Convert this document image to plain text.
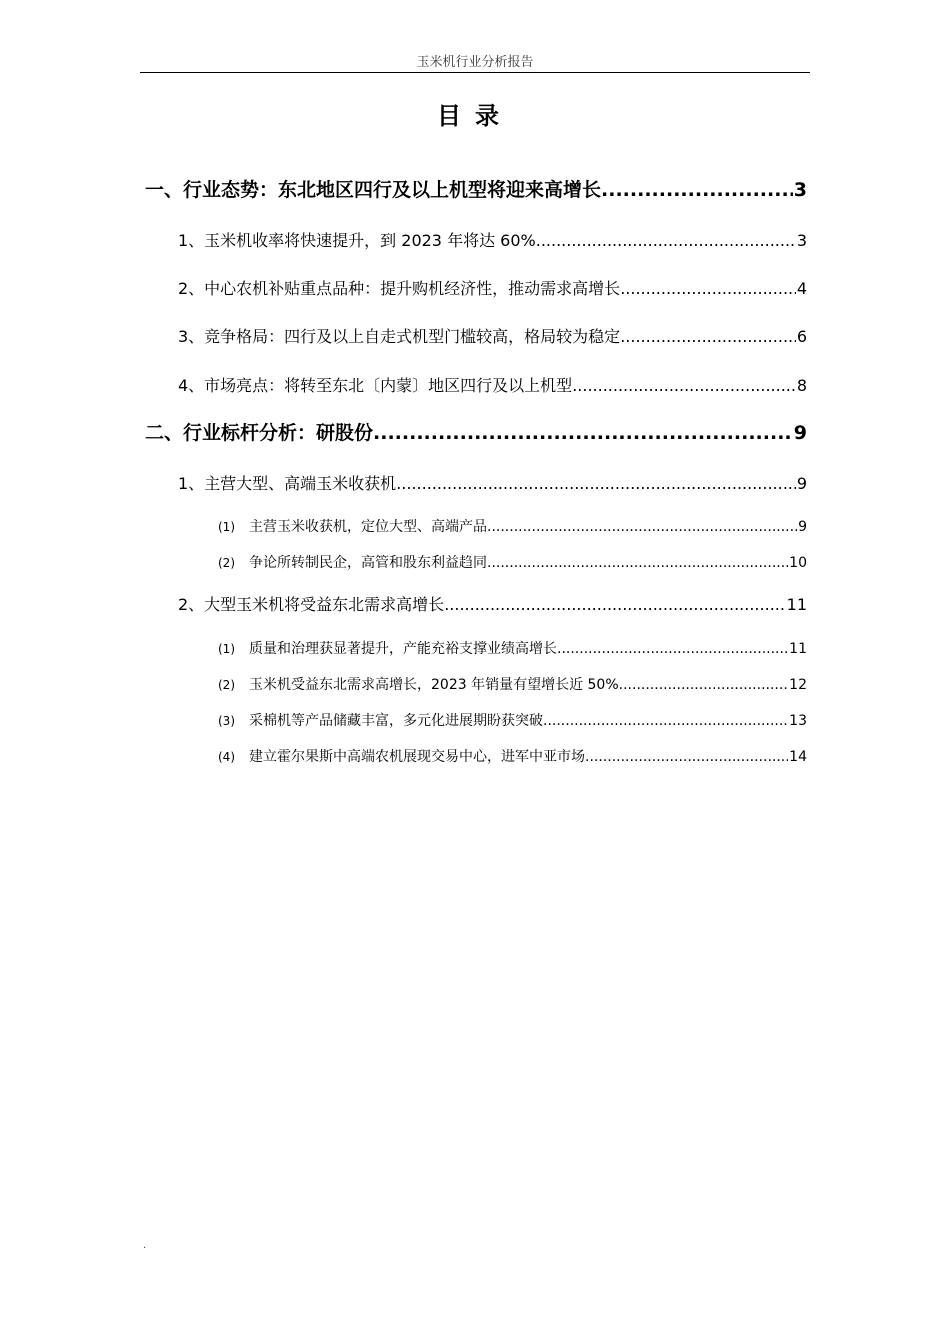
玉米机行业分析报告
目录
一、行业态势：东北地区四行及以上机型将迎来高增长 .....	3
1、玉米机收率将快速提升，到 2023 年将达 60% .....	3
2、中心农机补贴重点品种：提升购机经济性，推动需求高增长 .....	4
3、竞争格局：四行及以上自走式机型门槛较高，格局较为稳定 .....	6
4、市场亮点：将转至东北〔内蒙〕地区四行及以上机型 .....	8
二、行业标杆分析：研股份 .....	9
1、主营大型、高端玉米收获机 .....	9
(1) 主营玉米收获机，定位大型、高端产品 .....	9
(2) 争论所转制民企，高管和股东利益趋同 .....	10
2、大型玉米机将受益东北需求高增长 .....	11
(1) 质量和治理获显著提升，产能充裕支撑业绩高增长 .....	11
(2) 玉米机受益东北需求高增长，2023 年销量有望增长近 50% .....	12
(3) 采棉机等产品储藏丰富，多元化进展期盼获突破 .....	13
(4) 建立霍尔果斯中高端农机展现交易中心，进军中亚市场 .....	14
.
